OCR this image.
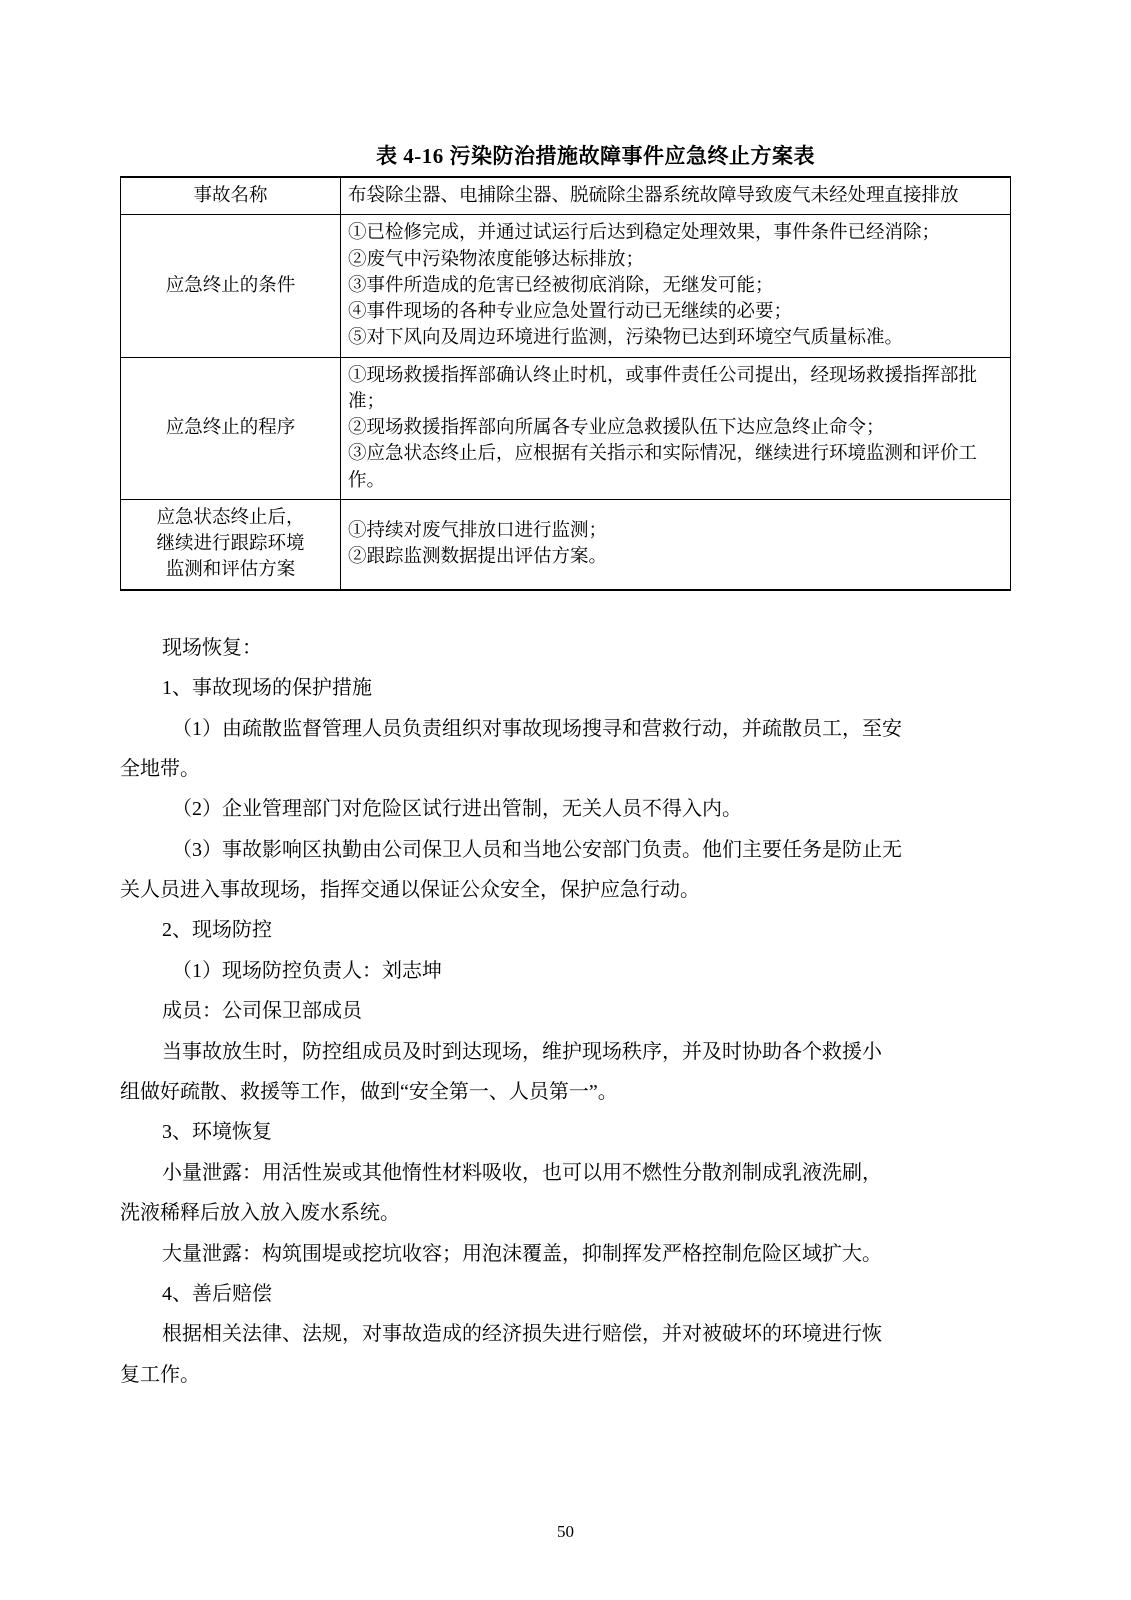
表 4-16 污染防治措施故障事件应急终止方案表
事故名称	布袋除尘器、电捕除尘器、脱硫除尘器系统故障导致废气未经处理直接排放

应急终止的条件	①已检修完成，并通过试运行后达到稳定处理效果，事件条件已经消除；
②废气中污染物浓度能够达标排放；
③事件所造成的危害已经被彻底消除，无继发可能；
④事件现场的各种专业应急处置行动已无继续的必要；
⑤对下风向及周边环境进行监测，污染物已达到环境空气质量标准。

应急终止的程序	①现场救援指挥部确认终止时机，或事件责任公司提出，经现场救援指挥部批准；
②现场救援指挥部向所属各专业应急救援队伍下达应急终止命令；
③应急状态终止后，应根据有关指示和实际情况，继续进行环境监测和评价工作。

应急状态终止后，
继续进行跟踪环境
监测和评估方案	①持续对废气排放口进行监测；
②跟踪监测数据提出评估方案。

现场恢复：

1、事故现场的保护措施

（1）由疏散监督管理人员负责组织对事故现场搜寻和营救行动，并疏散员工，至安

全地带。

（2）企业管理部门对危险区试行进出管制，无关人员不得入内。

（3）事故影响区执勤由公司保卫人员和当地公安部门负责。他们主要任务是防止无

关人员进入事故现场，指挥交通以保证公众安全，保护应急行动。

2、现场防控

（1）现场防控负责人：刘志坤

成员：公司保卫部成员

当事故放生时，防控组成员及时到达现场，维护现场秩序，并及时协助各个救援小

组做好疏散、救援等工作，做到“安全第一、人员第一”。

3、环境恢复

小量泄露：用活性炭或其他惰性材料吸收，也可以用不燃性分散剂制成乳液洗刷，

洗液稀释后放入放入废水系统。

大量泄露：构筑围堤或挖坑收容；用泡沫覆盖，抑制挥发严格控制危险区域扩大。

4、善后赔偿

根据相关法律、法规，对事故造成的经济损失进行赔偿，并对被破坏的环境进行恢

复工作。

50
